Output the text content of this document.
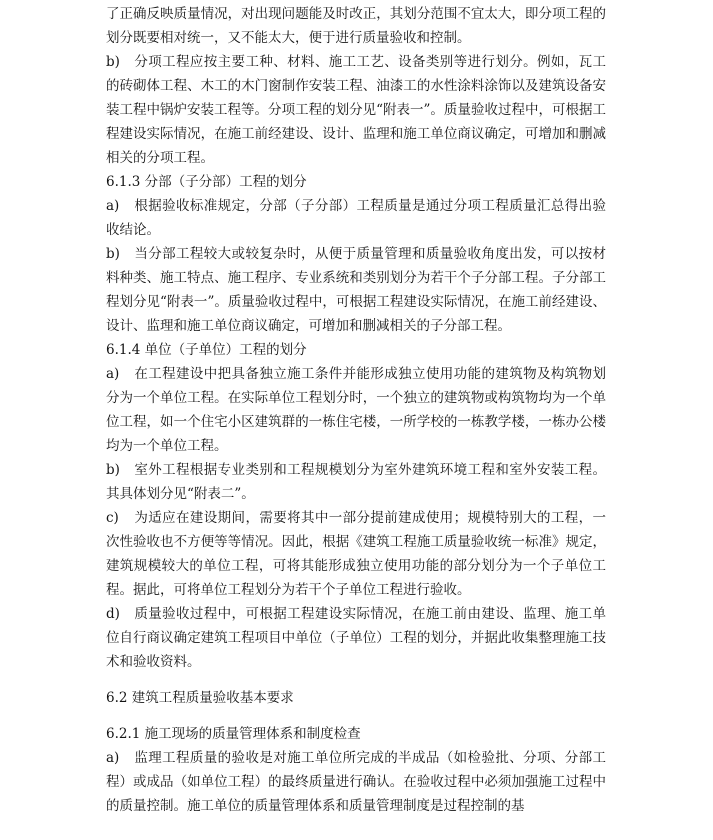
了正确反映质量情况，对出现问题能及时改正，其划分范围不宜太大，即分项工程的划分既要相对统一，又不能太大，便于进行质量验收和控制。

b) 分项工程应按主要工种、材料、施工工艺、设备类别等进行划分。例如，瓦工的砖砌体工程、木工的木门窗制作安装工程、油漆工的水性涂料涂饰以及建筑设备安装工程中锅炉安装工程等。分项工程的划分见“附表一”。质量验收过程中，可根据工程建设实际情况，在施工前经建设、设计、监理和施工单位商议确定，可增加和删减相关的分项工程。

6.1.3 分部（子分部）工程的划分

a) 根据验收标准规定，分部（子分部）工程质量是通过分项工程质量汇总得出验收结论。

b) 当分部工程较大或较复杂时，从便于质量管理和质量验收角度出发，可以按材料种类、施工特点、施工程序、专业系统和类别划分为若干个子分部工程。子分部工程划分见“附表一”。质量验收过程中，可根据工程建设实际情况，在施工前经建设、设计、监理和施工单位商议确定，可增加和删减相关的子分部工程。

6.1.4 单位（子单位）工程的划分

a) 在工程建设中把具备独立施工条件并能形成独立使用功能的建筑物及构筑物划分为一个单位工程。在实际单位工程划分时，一个独立的建筑物或构筑物均为一个单位工程，如一个住宅小区建筑群的一栋住宅楼，一所学校的一栋教学楼，一栋办公楼均为一个单位工程。

b) 室外工程根据专业类别和工程规模划分为室外建筑环境工程和室外安装工程。其具体划分见“附表二”。

c) 为适应在建设期间，需要将其中一部分提前建成使用；规模特别大的工程，一次性验收也不方便等等情况。因此，根据《建筑工程施工质量验收统一标准》规定，建筑规模较大的单位工程，可将其能形成独立使用功能的部分划分为一个子单位工程。据此，可将单位工程划分为若干个子单位工程进行验收。

d) 质量验收过程中，可根据工程建设实际情况，在施工前由建设、监理、施工单位自行商议确定建筑工程项目中单位（子单位）工程的划分，并据此收集整理施工技术和验收资料。

6.2 建筑工程质量验收基本要求

6.2.1 施工现场的质量管理体系和制度检查

a) 监理工程质量的验收是对施工单位所完成的半成品（如检验批、分项、分部工程）或成品（如单位工程）的最终质量进行确认。在验收过程中必须加强施工过程中的质量控制。施工单位的质量管理体系和质量管理制度是过程控制的基
